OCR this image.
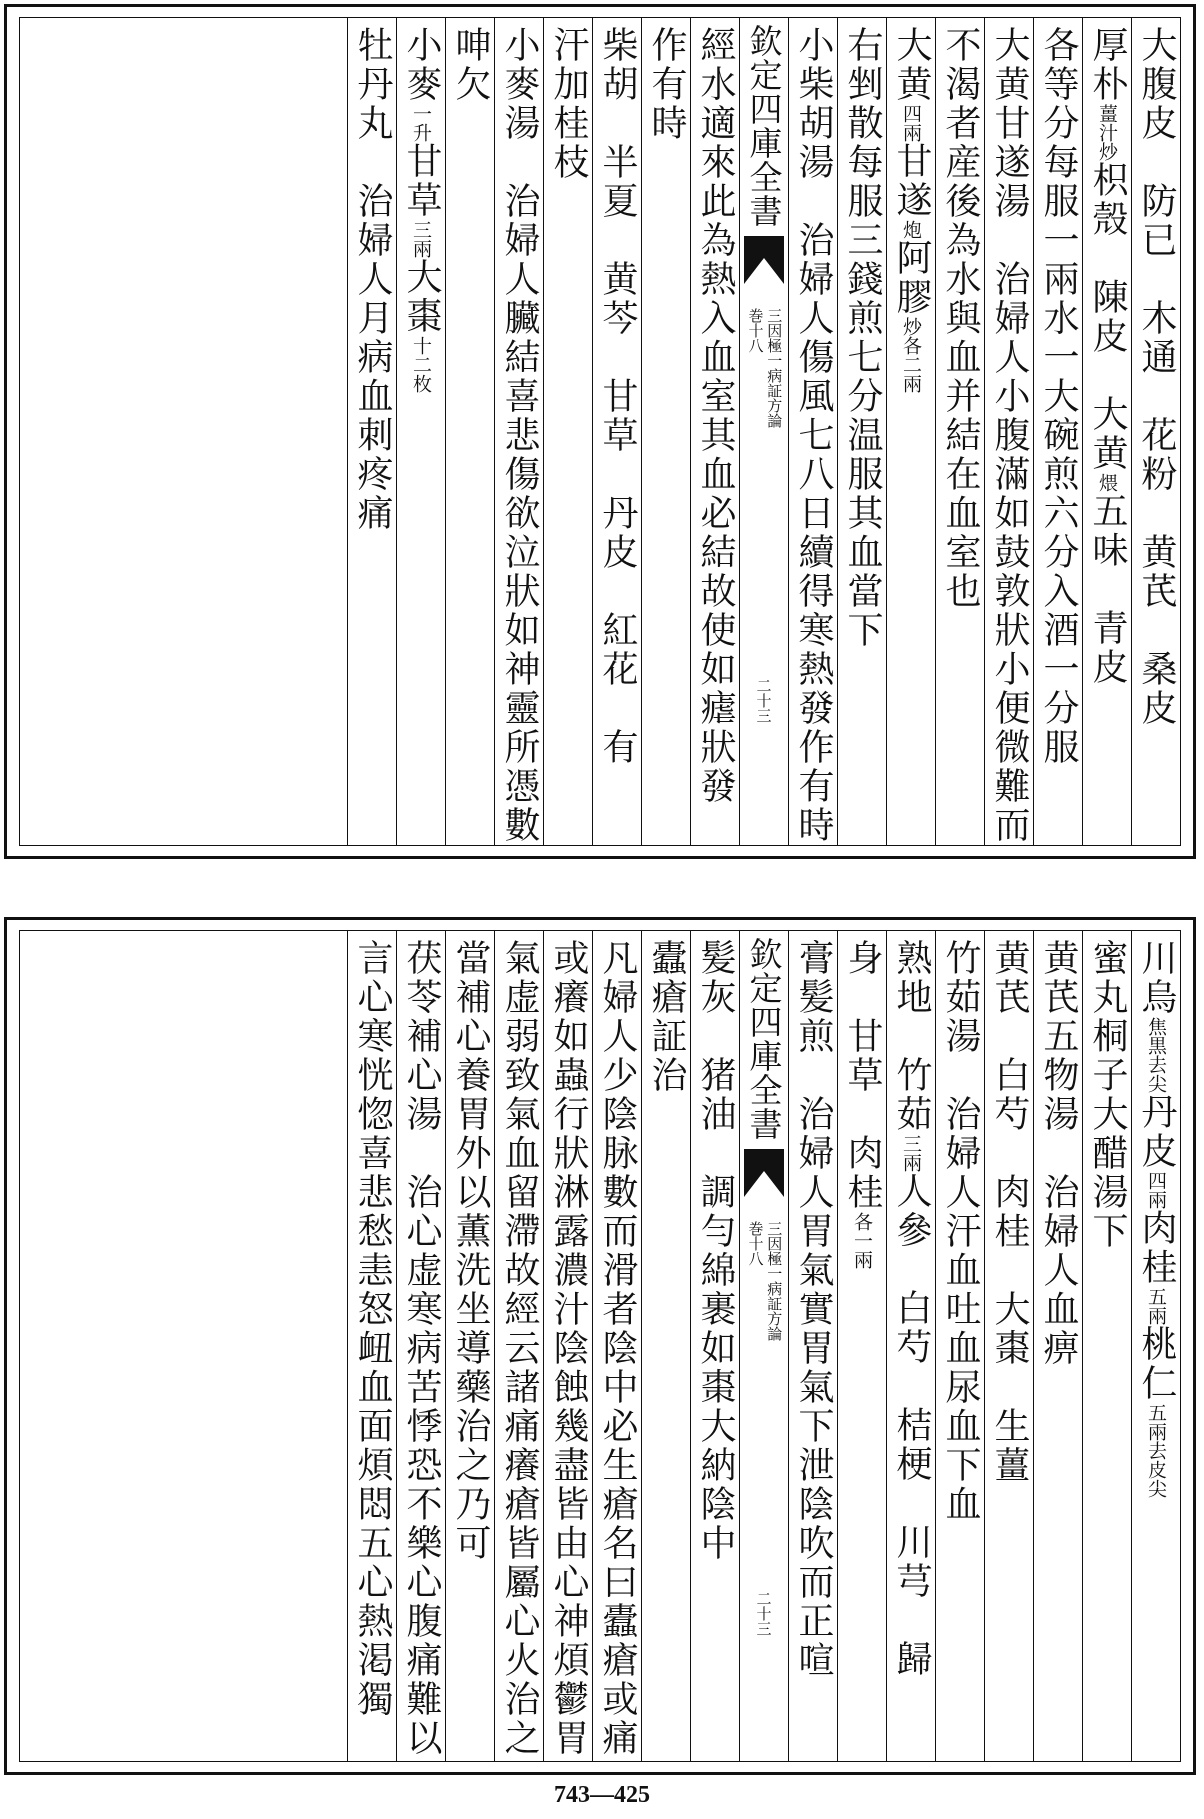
大腹皮　防已　木通　花粉　黄芪　桑皮
厚朴薑汁炒枳殼　陳皮　大黄煨五味　青皮
各等分每服一兩水一大碗煎六分入酒一分服
大黄甘遂湯　治婦人小腹滿如鼓敦狀小便微難而
不渴者産後為水與血并結在血室也
大黄四兩甘遂炮阿膠炒各二兩
右剉散每服三錢煎七分温服其血當下
小柴胡湯　治婦人傷風七八日續得寒熱發作有時
欽定四庫全書
三因極一病証方論
巻十八
二十三
經水適來此為熱入血室其血必結故使如瘧狀發
作有時
柴胡　半夏　黄芩　甘草　丹皮　紅花　有
汗加桂枝
小麥湯　治婦人臟結喜悲傷欲泣狀如神靈所憑數
呻欠
小麥一升甘草三兩大棗十二枚
牡丹丸　治婦人月病血刺疼痛
川烏焦黒去尖丹皮四兩肉桂五兩桃仁五兩去皮尖
蜜丸桐子大醋湯下
黄芪五物湯　治婦人血痹
黄芪　白芍　肉桂　大棗　生薑
竹茹湯　治婦人汗血吐血尿血下血
熟地　竹茹三兩人參　白芍　桔梗　川芎　歸
身　甘草　肉桂各一兩
膏髪煎　治婦人胃氣實胃氣下泄陰吹而正喧
欽定四庫全書
三因極一病証方論
巻十八
二十三
髪灰　猪油　調勻綿裹如棗大納陰中
蠹瘡証治
凡婦人少陰脉數而滑者陰中必生瘡名曰蠹瘡或痛
或癢如蟲行狀淋露濃汁陰蝕幾盡皆由心神煩鬱胃
氣虚弱致氣血留滯故經云諸痛癢瘡皆屬心火治之
當補心養胃外以薫洗坐導藥治之乃可
茯苓補心湯　治心虚寒病苦悸恐不樂心腹痛難以
言心寒恍惚喜悲愁恚怒衄血面煩悶五心熱渇獨
743—425
